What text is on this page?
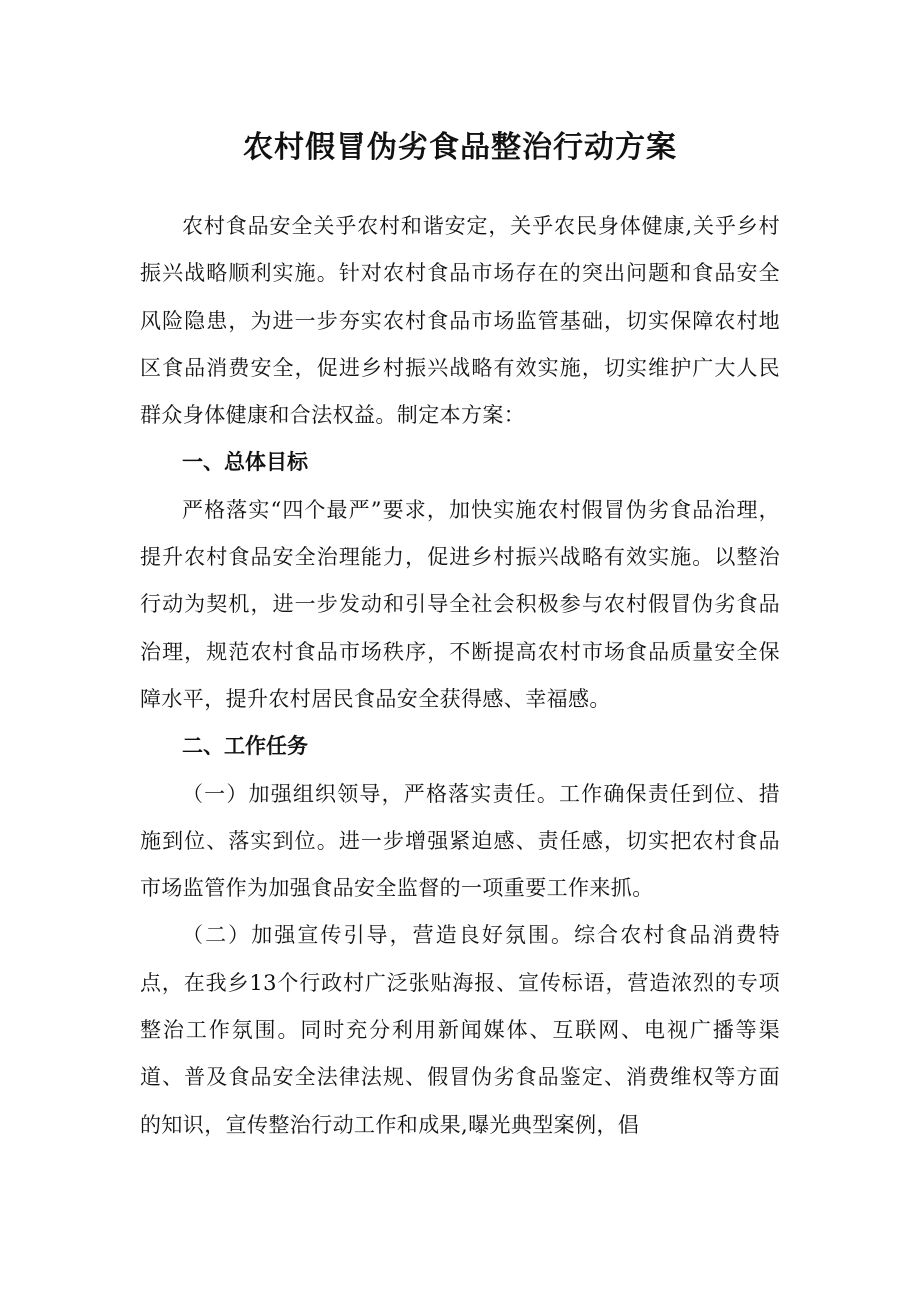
农村假冒伪劣食品整治行动方案

农村食品安全关乎农村和谐安定，关乎农民身体健康,关乎乡村振兴战略顺利实施。针对农村食品市场存在的突出问题和食品安全风险隐患，为进一步夯实农村食品市场监管基础，切实保障农村地区食品消费安全，促进乡村振兴战略有效实施，切实维护广大人民群众身体健康和合法权益。制定本方案：

一、总体目标

严格落实“四个最严”要求，加快实施农村假冒伪劣食品治理，提升农村食品安全治理能力，促进乡村振兴战略有效实施。以整治行动为契机，进一步发动和引导全社会积极参与农村假冒伪劣食品治理，规范农村食品市场秩序，不断提高农村市场食品质量安全保障水平，提升农村居民食品安全获得感、幸福感。

二、工作任务

（一）加强组织领导，严格落实责任。工作确保责任到位、措施到位、落实到位。进一步增强紧迫感、责任感，切实把农村食品市场监管作为加强食品安全监督的一项重要工作来抓。

（二）加强宣传引导，营造良好氛围。综合农村食品消费特点，在我乡13个行政村广泛张贴海报、宣传标语，营造浓烈的专项整治工作氛围。同时充分利用新闻媒体、互联网、电视广播等渠道、普及食品安全法律法规、假冒伪劣食品鉴定、消费维权等方面的知识，宣传整治行动工作和成果,曝光典型案例，倡
